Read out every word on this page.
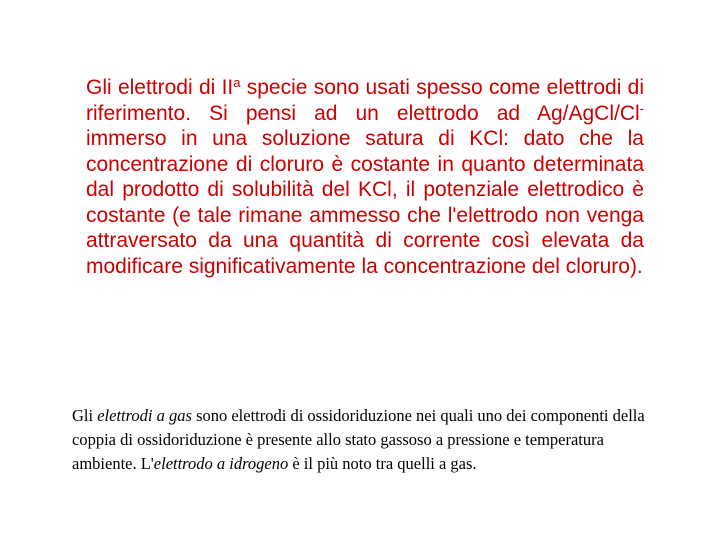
Gli elettrodi di $II^a$ specie sono usati spesso come elettrodi di riferimento. Si pensi ad un elettrodo ad Ag/AgCl/Cl- immerso in una soluzione satura di KCl: dato che la concentrazione di cloruro è costante in quanto determinata dal prodotto di solubilità del KCl, il potenziale elettrodico è costante (e tale rimane ammesso che l'elettrodo non venga attraversato da una quantità di corrente così elevata da modificare significativamente la concentrazione del cloruro).

Gli elettrodi a gas sono elettrodi di ossidoriduzione nei quali uno dei componenti della coppia di ossidoriduzione è presente allo stato gassoso a pressione e temperatura ambiente. L'elettrodo a idrogeno è il più noto tra quelli a gas.
